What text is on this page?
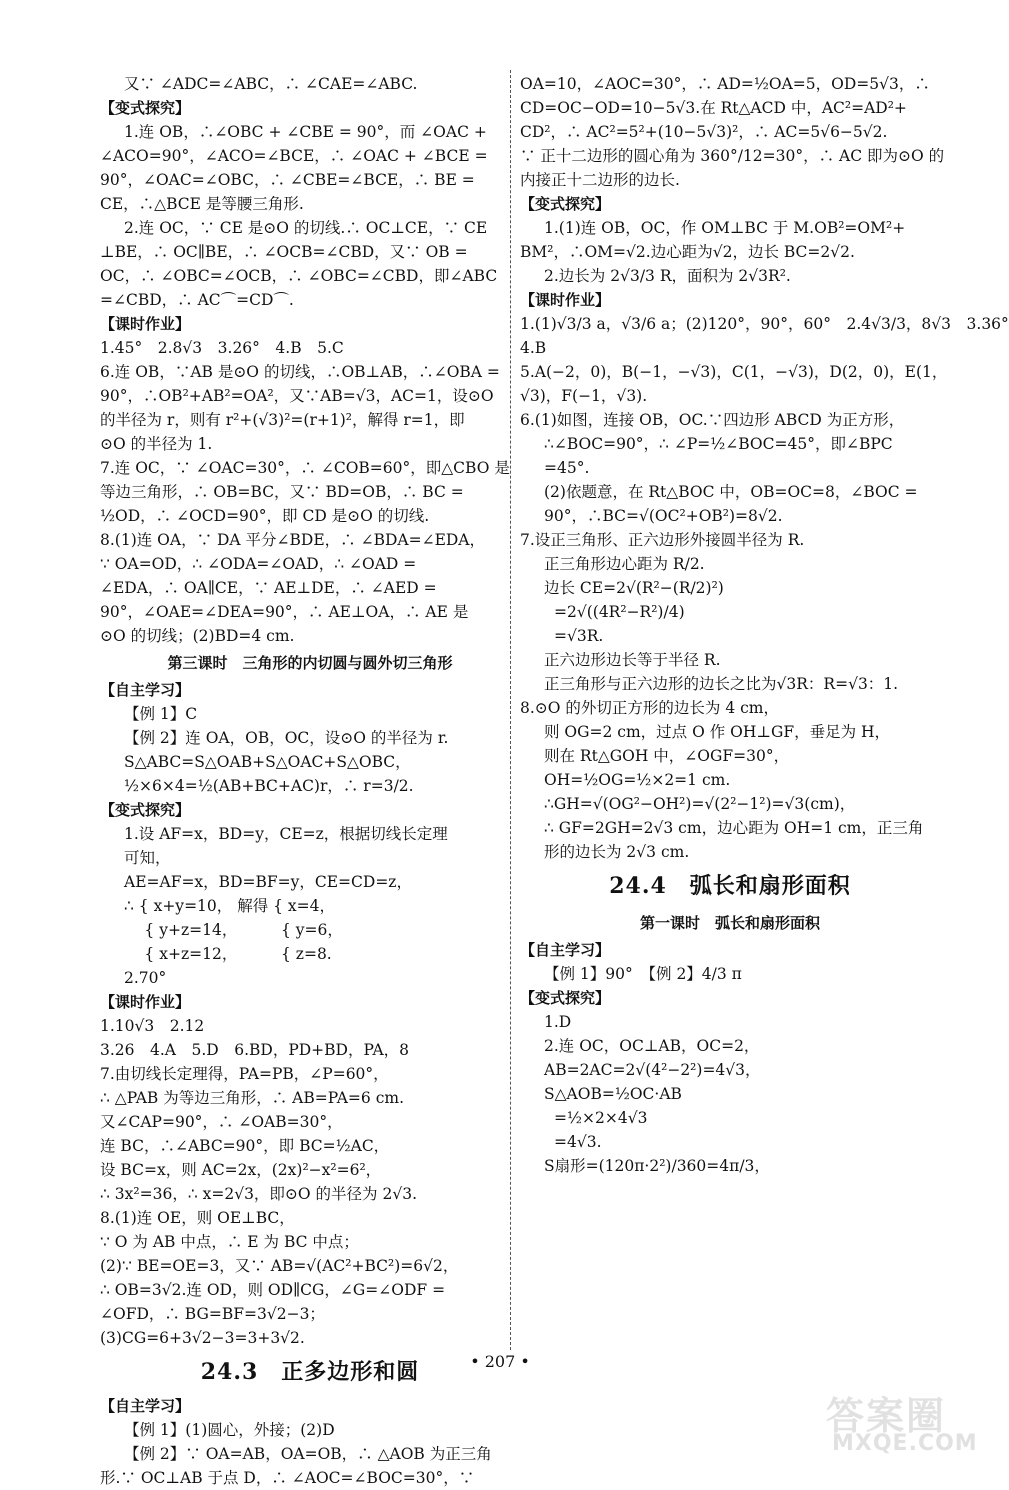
又∵ ∠ADC=∠ABC，∴ ∠CAE=∠ABC.
【变式探究】
1.连 OB，∴∠OBC + ∠CBE = 90°，而 ∠OAC +
∠ACO=90°，∠ACO=∠BCE，∴ ∠OAC + ∠BCE =
90°，∠OAC=∠OBC，∴ ∠CBE=∠BCE，∴ BE =
CE，∴△BCE 是等腰三角形.
2.连 OC，∵ CE 是⊙O 的切线.∴ OC⊥CE，∵ CE
⊥BE，∴ OC∥BE，∴ ∠OCB=∠CBD，又∵ OB =
OC，∴ ∠OBC=∠OCB，∴ ∠OBC=∠CBD，即∠ABC
=∠CBD，∴ AC⌒=CD⌒.
【课时作业】
1.45°　2.8√3　3.26°　4.B　5.C
6.连 OB，∵AB 是⊙O 的切线，∴OB⊥AB，∴∠OBA =
90°，∴OB²+AB²=OA²，又∵AB=√3，AC=1，设⊙O
的半径为 r，则有 r²+(√3)²=(r+1)²，解得 r=1，即
⊙O 的半径为 1.
7.连 OC，∵ ∠OAC=30°，∴ ∠COB=60°，即△CBO 是
等边三角形，∴ OB=BC，又∵ BD=OB，∴ BC =
½OD，∴ ∠OCD=90°，即 CD 是⊙O 的切线.
8.(1)连 OA，∵ DA 平分∠BDE，∴ ∠BDA=∠EDA，
∵ OA=OD，∴ ∠ODA=∠OAD，∴ ∠OAD =
∠EDA，∴ OA∥CE，∵ AE⊥DE，∴ ∠AED =
90°，∠OAE=∠DEA=90°，∴ AE⊥OA，∴ AE 是
⊙O 的切线；(2)BD=4 cm.
第三课时　三角形的内切圆与圆外切三角形
【自主学习】
【例 1】C
【例 2】连 OA，OB，OC，设⊙O 的半径为 r.
S△ABC=S△OAB+S△OAC+S△OBC，
½×6×4=½(AB+BC+AC)r，∴ r=3/2.
【变式探究】
1.设 AF=x，BD=y，CE=z，根据切线长定理
可知，
AE=AF=x，BD=BF=y，CE=CD=z，
∴ { x+y=10， 解得 { x=4，
　 { y+z=14，　　　 { y=6，
　 { x+z=12，　　　 { z=8.
2.70°
【课时作业】
1.10√3　2.12
3.26　4.A　5.D　6.BD，PD+BD，PA，8
7.由切线长定理得，PA=PB，∠P=60°，
∴ △PAB 为等边三角形，∴ AB=PA=6 cm.
又∠CAP=90°，∴ ∠OAB=30°，
连 BC，∴∠ABC=90°，即 BC=½AC，
设 BC=x，则 AC=2x，(2x)²−x²=6²，
∴ 3x²=36，∴ x=2√3，即⊙O 的半径为 2√3.
8.(1)连 OE，则 OE⊥BC，
∵ O 为 AB 中点，∴ E 为 BC 中点；
(2)∵ BE=OE=3，又∵ AB=√(AC²+BC²)=6√2，
∴ OB=3√2.连 OD，则 OD∥CG，∠G=∠ODF =
∠OFD，∴ BG=BF=3√2−3；
(3)CG=6+3√2−3=3+3√2.
24.3　正多边形和圆
【自主学习】
【例 1】(1)圆心，外接；(2)D
【例 2】∵ OA=AB，OA=OB，∴ △AOB 为正三角
形.∵ OC⊥AB 于点 D，∴ ∠AOC=∠BOC=30°，∵
OA=10，∠AOC=30°，∴ AD=½OA=5，OD=5√3，∴
CD=OC−OD=10−5√3.在 Rt△ACD 中，AC²=AD²+
CD²，∴ AC²=5²+(10−5√3)²，∴ AC=5√6−5√2.
∵ 正十二边形的圆心角为 360°/12=30°，∴ AC 即为⊙O 的
内接正十二边形的边长.
【变式探究】
1.(1)连 OB，OC，作 OM⊥BC 于 M.OB²=OM²+
BM²，∴OM=√2.边心距为√2，边长 BC=2√2.
2.边长为 2√3/3 R，面积为 2√3R².
【课时作业】
1.(1)√3/3 a，√3/6 a；(2)120°，90°，60°　2.4√3/3，8√3　3.36°
4.B
5.A(−2，0)，B(−1，−√3)，C(1，−√3)，D(2，0)，E(1，
√3)，F(−1，√3).
6.(1)如图，连接 OB，OC.∵四边形 ABCD 为正方形，
∴∠BOC=90°，∴ ∠P=½∠BOC=45°，即∠BPC
=45°.
(2)依题意，在 Rt△BOC 中，OB=OC=8，∠BOC =
90°，∴BC=√(OC²+OB²)=8√2.
7.设正三角形、正六边形外接圆半径为 R.
正三角形边心距为 R/2.
边长 CE=2√(R²−(R/2)²)
=2√((4R²−R²)/4)
=√3R.
正六边形边长等于半径 R.
正三角形与正六边形的边长之比为√3R：R=√3：1.
8.⊙O 的外切正方形的边长为 4 cm，
则 OG=2 cm，过点 O 作 OH⊥GF，垂足为 H，
则在 Rt△GOH 中，∠OGF=30°，
OH=½OG=½×2=1 cm.
∴GH=√(OG²−OH²)=√(2²−1²)=√3(cm)，
∴ GF=2GH=2√3 cm，边心距为 OH=1 cm，正三角
形的边长为 2√3 cm.
24.4　弧长和扇形面积
第一课时　弧长和扇形面积
【自主学习】
【例 1】90°　【例 2】4/3 π
【变式探究】
1.D
2.连 OC，OC⊥AB，OC=2，
AB=2AC=2√(4²−2²)=4√3，
S△AOB=½OC·AB
=½×2×4√3
=4√3.
S扇形=(120π·2²)/360=4π/3，
• 207 •
答案圈
MXQE.COM
